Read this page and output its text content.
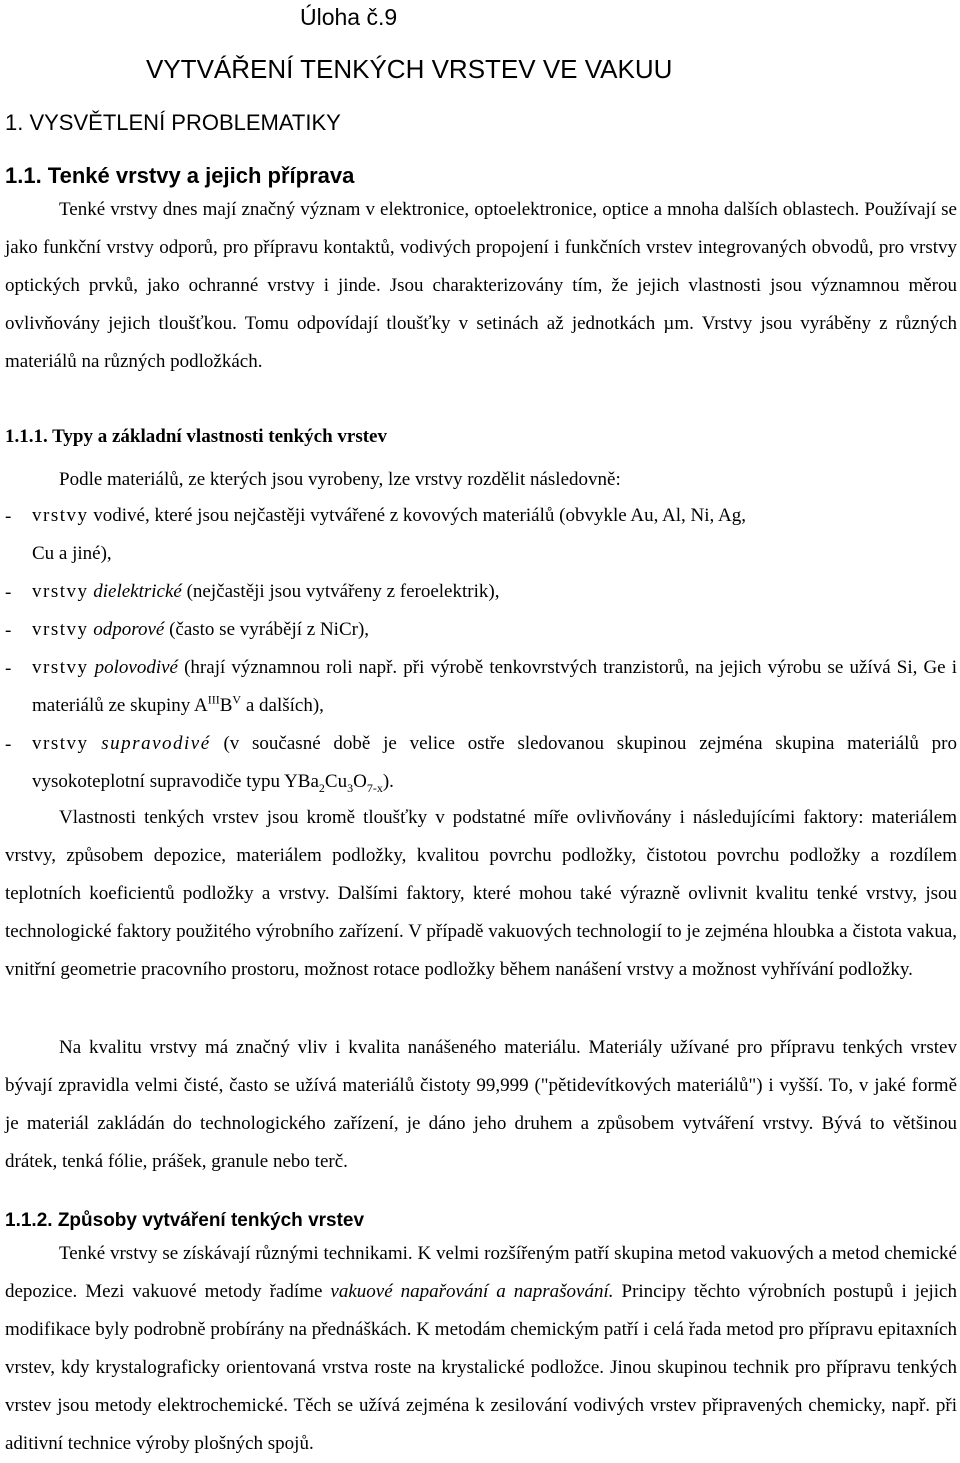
Úloha č.9
VYTVÁŘENÍ TENKÝCH VRSTEV VE VAKUU
1. VYSVĚTLENÍ PROBLEMATIKY
1.1. Tenké vrstvy a jejich příprava
Tenké vrstvy dnes mají značný význam v elektronice, optoelektronice, optice a mnoha dalších oblastech. Používají se jako funkční vrstvy odporů, pro přípravu kontaktů, vodivých propojení i funkčních vrstev integrovaných obvodů, pro vrstvy optických prvků, jako ochranné vrstvy i jinde. Jsou charakterizovány tím, že jejich vlastnosti jsou významnou měrou ovlivňovány jejich tloušťkou. Tomu odpovídají tloušťky v setinách až jednotkách µm. Vrstvy jsou vyráběny z různých materiálů na různých podložkách.
1.1.1. Typy a základní vlastnosti tenkých vrstev
Podle materiálů, ze kterých jsou vyrobeny, lze vrstvy rozdělit následovně:
- vrstvy vodivé, které jsou nejčastěji vytvářené z kovových materiálů (obvykle Au, Al, Ni, Ag, Cu a jiné),
- vrstvy dielektrické (nejčastěji jsou vytvářeny z feroelektrik),
- vrstvy odporové (často se vyrábějí z NiCr),
- vrstvy polovodivé (hrají významnou roli např. při výrobě tenkovrstvých tranzistorů, na jejich výrobu se užívá Si, Ge i materiálů ze skupiny $A^{III}B^V$ a dalších),
- vrstvy supravodivé (v současné době je velice ostře sledovanou skupinou zejména skupina materiálů pro vysokoteplotní supravodiče typu $YBa_2Cu_3O_{7-x}$).
Vlastnosti tenkých vrstev jsou kromě tloušťky v podstatné míře ovlivňovány i následujícími faktory: materiálem vrstvy, způsobem depozice, materiálem podložky, kvalitou povrchu podložky, čistotou povrchu podložky a rozdílem teplotních koeficientů podložky a vrstvy. Dalšími faktory, které mohou také výrazně ovlivnit kvalitu tenké vrstvy, jsou technologické faktory použitého výrobního zařízení. V případě vakuových technologií to je zejména hloubka a čistota vakua, vnitřní geometrie pracovního prostoru, možnost rotace podložky během nanášení vrstvy a možnost vyhřívání podložky.
Na kvalitu vrstvy má značný vliv i kvalita nanášeného materiálu. Materiály užívané pro přípravu tenkých vrstev bývají zpravidla velmi čisté, často se užívá materiálů čistoty 99,999 ("pětidevítkových materiálů") i vyšší. To, v jaké formě je materiál zakládán do technologického zařízení, je dáno jeho druhem a způsobem vytváření vrstvy. Bývá to většinou drátek, tenká fólie, prášek, granule nebo terč.
1.1.2. Způsoby vytváření tenkých vrstev
Tenké vrstvy se získávají různými technikami. K velmi rozšířeným patří skupina metod vakuových a metod chemické depozice. Mezi vakuové metody řadíme vakuové napařování a naprašování. Principy těchto výrobních postupů i jejich modifikace byly podrobně probírány na přednáškách. K metodám chemickým patří i celá řada metod pro přípravu epitaxních vrstev, kdy krystalograficky orientovaná vrstva roste na krystalické podložce. Jinou skupinou technik pro přípravu tenkých vrstev jsou metody elektrochemické. Těch se užívá zejména k zesilování vodivých vrstev připravených chemicky, např. při aditivní technice výroby plošných spojů.
